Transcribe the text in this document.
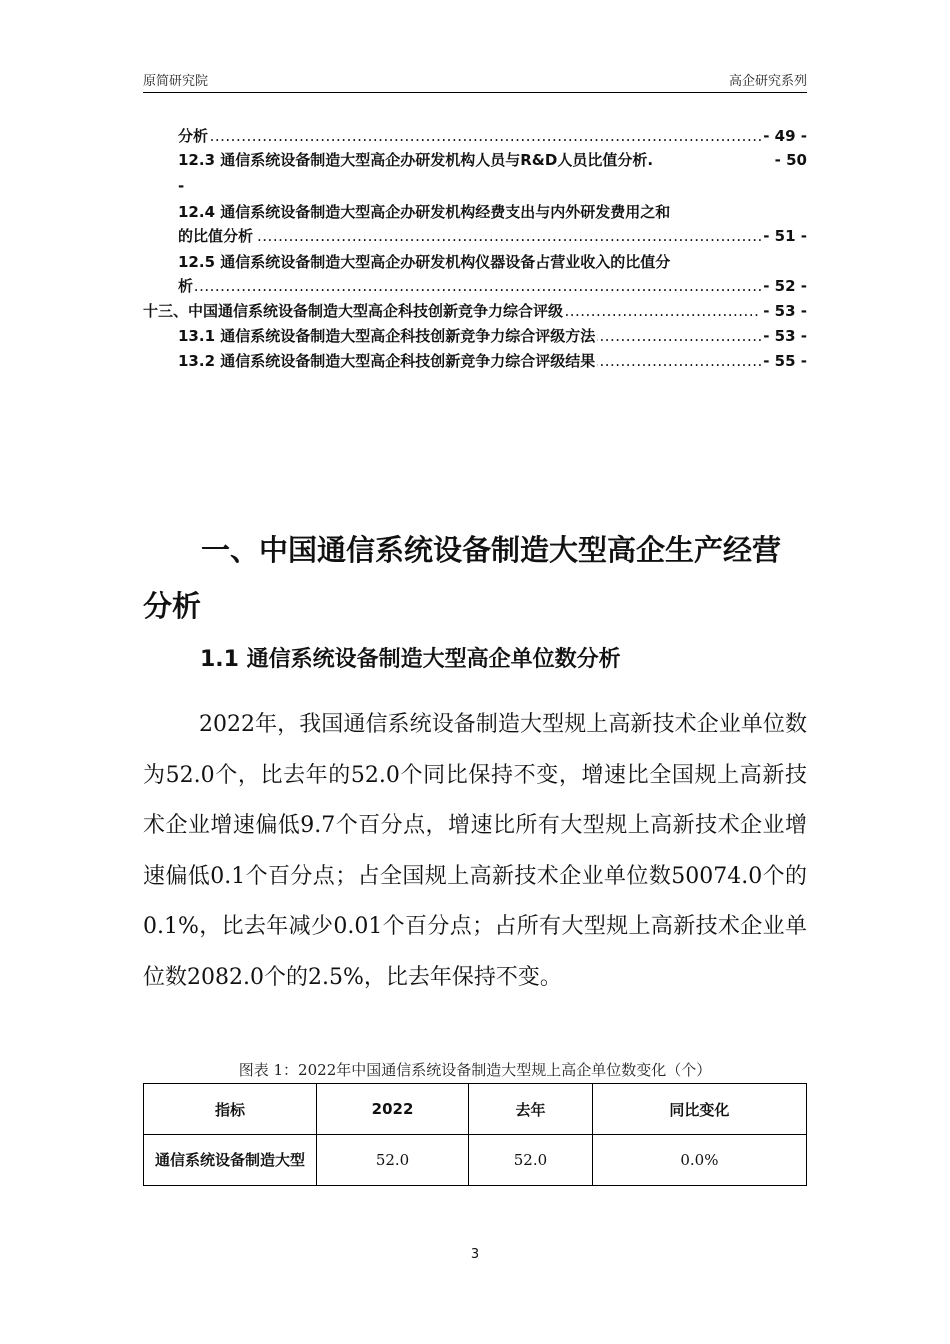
原简研究院	高企研究系列
..... 分析	- 49 -
12.3 通信系统设备制造大型高企办研发机构人员与R&D人员比值分析.	- 50
-
12.4 通信系统设备制造大型高企办研发机构经费支出与内外研发费用之和
..... 的比值分析	- 51 -
12.5 通信系统设备制造大型高企办研发机构仪器设备占营业收入的比值分
..... 析	- 52 -
..... 十三、中国通信系统设备制造大型高企科技创新竞争力综合评级	- 53 -
..... 13.1 通信系统设备制造大型高企科技创新竞争力综合评级方法	- 53 -
..... 13.2 通信系统设备制造大型高企科技创新竞争力综合评级结果	- 55 -
一、中国通信系统设备制造大型高企生产经营分析
1.1 通信系统设备制造大型高企单位数分析
2022年，我国通信系统设备制造大型规上高新技术企业单位数为52.0个，比去年的52.0个同比保持不变，增速比全国规上高新技术企业增速偏低9.7个百分点，增速比所有大型规上高新技术企业增速偏低0.1个百分点；占全国规上高新技术企业单位数50074.0个的0.1%，比去年减少0.01个百分点；占所有大型规上高新技术企业单位数2082.0个的2.5%，比去年保持不变。
图表 1：2022年中国通信系统设备制造大型规上高企单位数变化（个）
指标	2022	去年	同比变化
通信系统设备制造大型	52.0	52.0	0.0%
3
